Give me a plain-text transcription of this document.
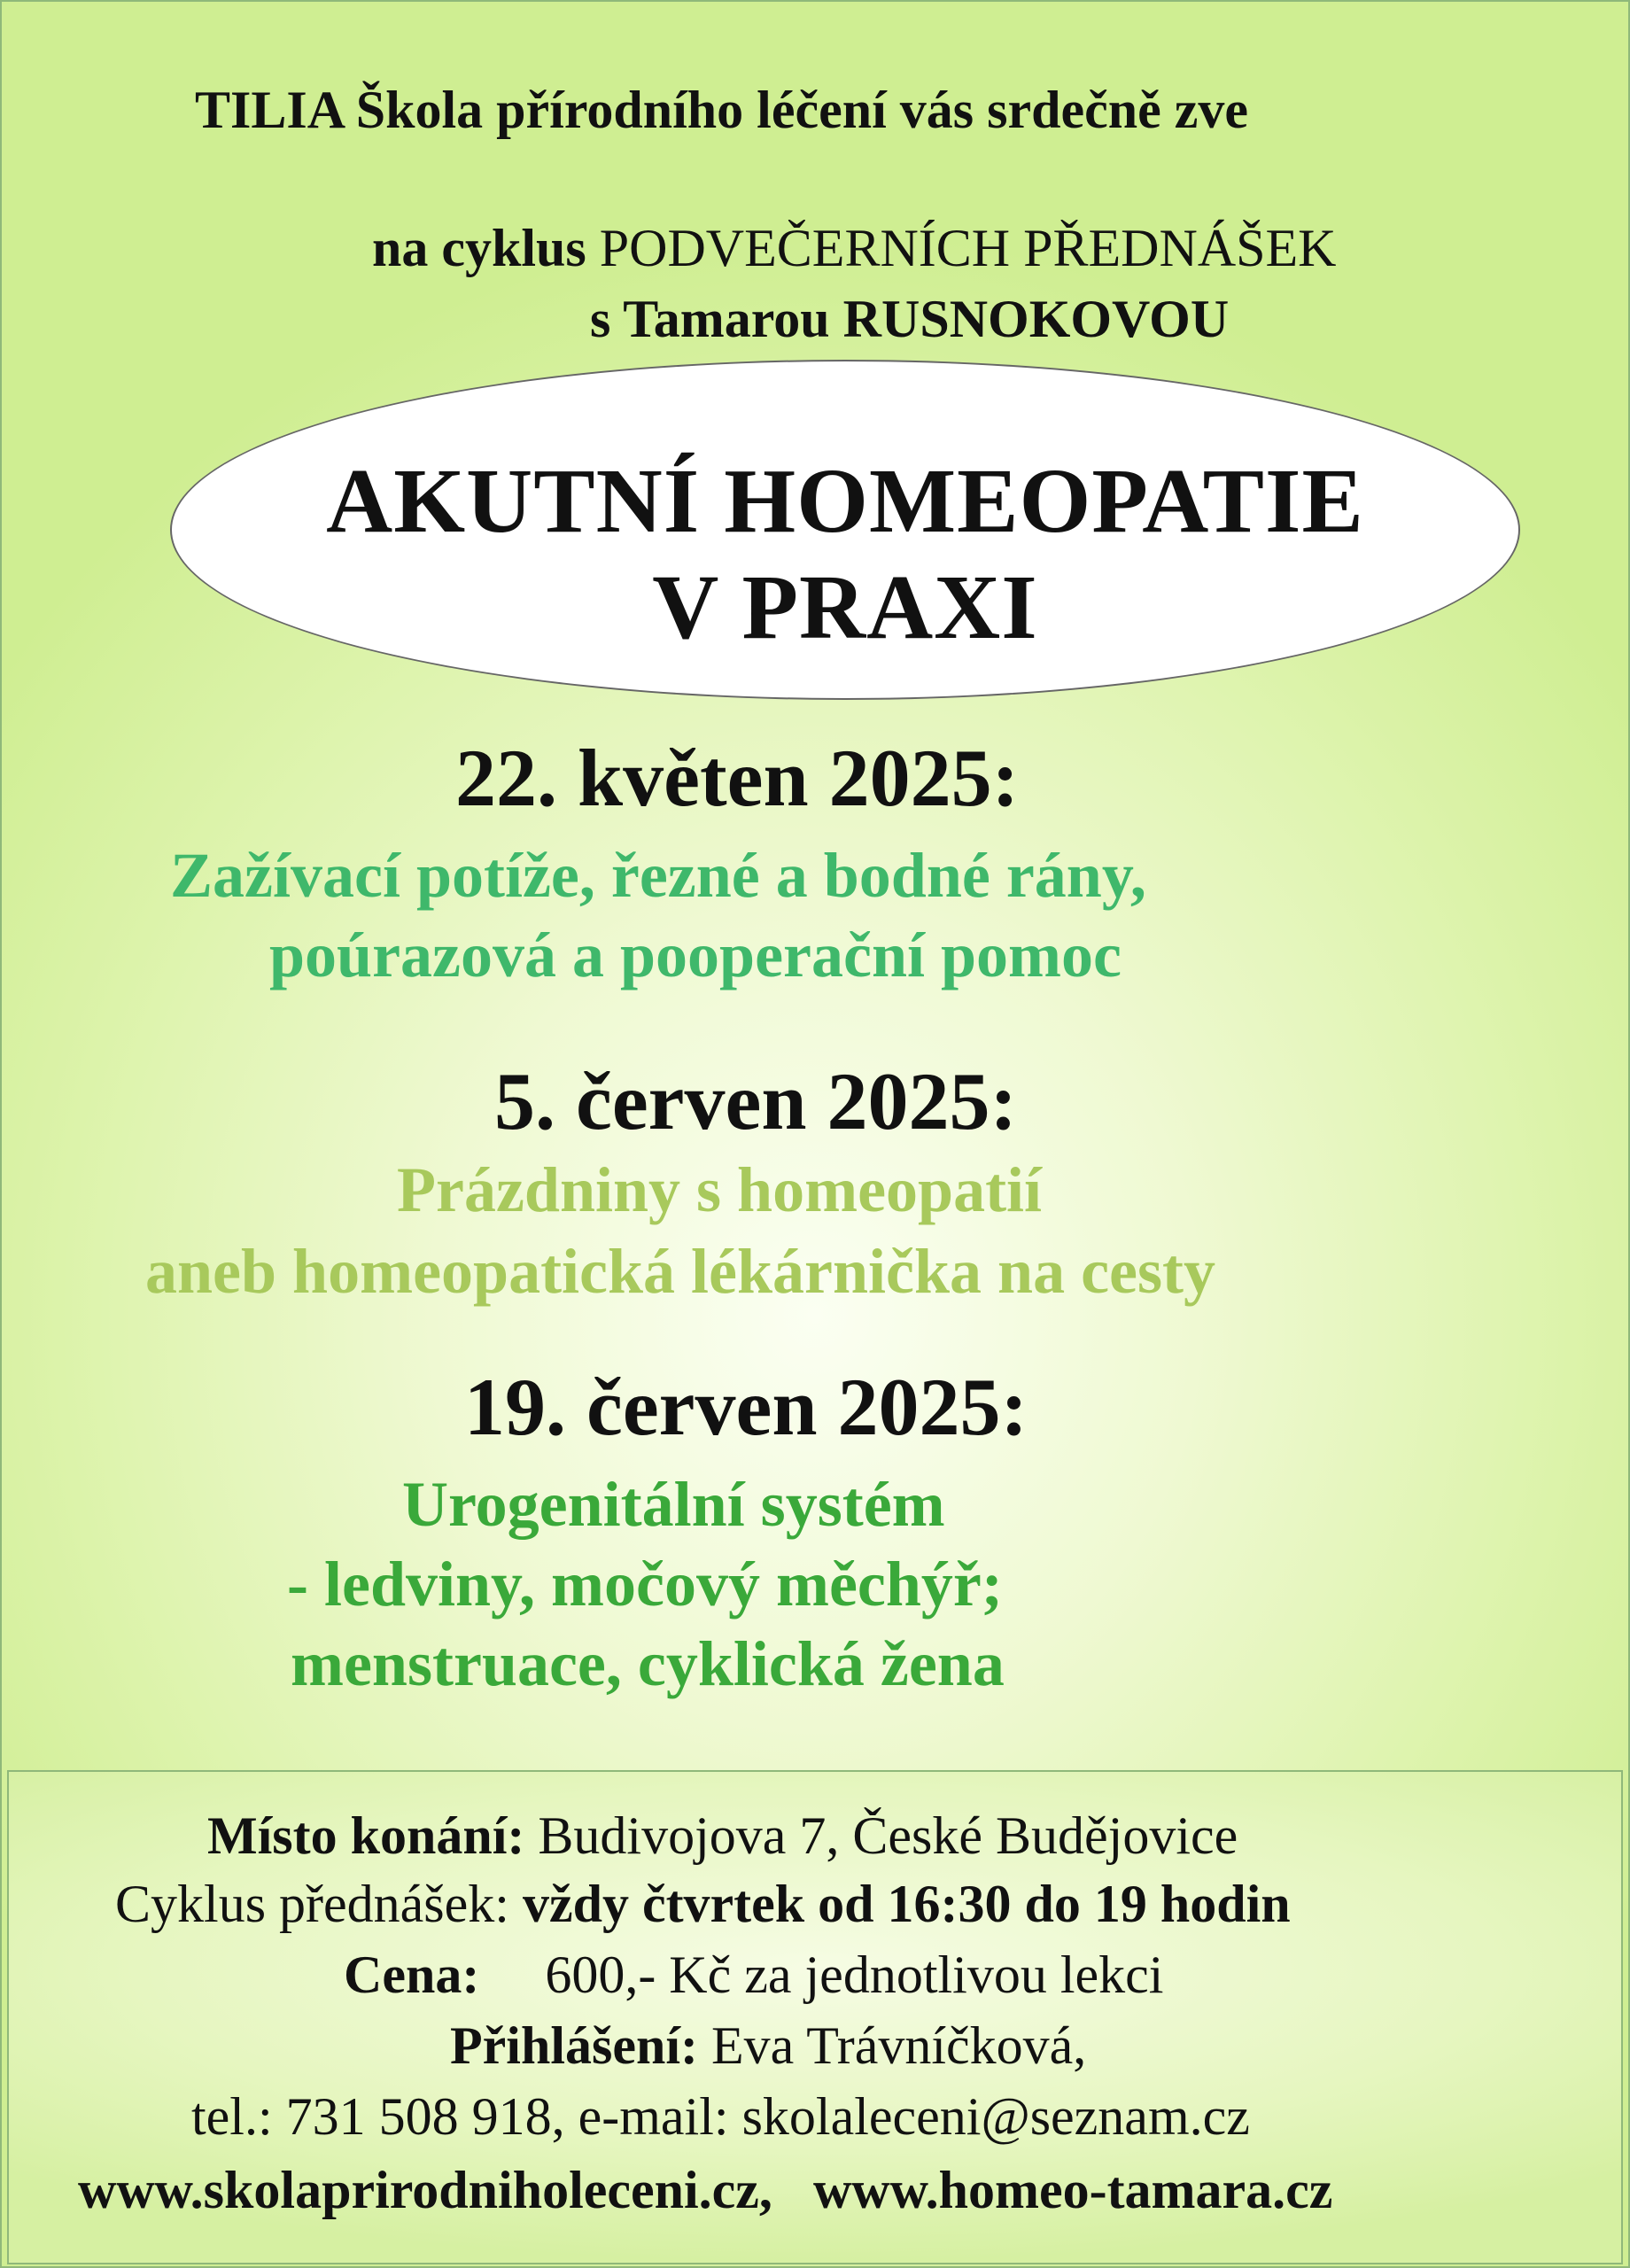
TILIA Škola přírodního léčení vás srdečně zve
na cyklus PODVEČERNÍCH PŘEDNÁŠEK
s Tamarou RUSNOKOVOU
AKUTNÍ HOMEOPATIE
V PRAXI
22. květen 2025:
Zažívací potíže, řezné a bodné rány,
poúrazová a pooperační pomoc
5. červen 2025:
Prázdniny s homeopatií
aneb homeopatická lékárnička na cesty
19. červen 2025:
Urogenitální systém
- ledviny, močový měchýř;
menstruace, cyklická žena
Místo konání: Budivojova 7, České Budějovice
Cyklus přednášek: vždy čtvrtek od 16:30 do 19 hodin
Cena: 600,- Kč za jednotlivou lekci
Přihlášení: Eva Trávníčková,
tel.: 731 508 918, e-mail: skolaleceni@seznam.cz
www.skolaprirodniholeceni.cz, www.homeo-tamara.cz
